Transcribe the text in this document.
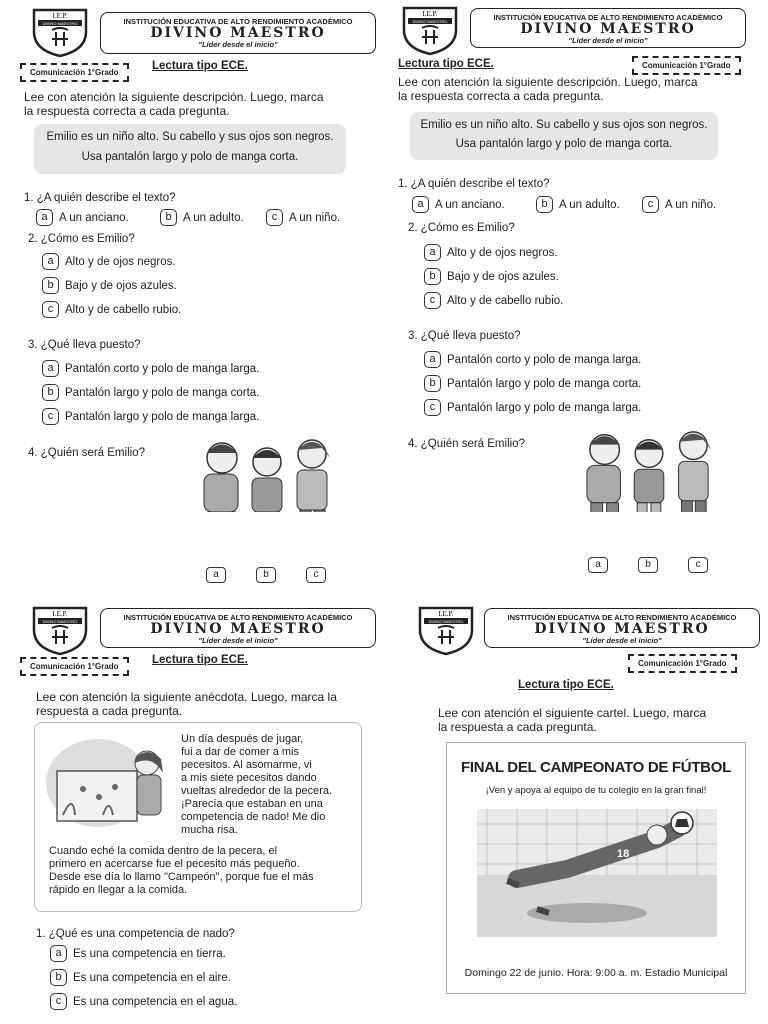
I.E.P.
DIVINO MAESTRO	INSTITUCIÓN EDUCATIVA DE ALTO RENDIMIENTO ACADÉMICO
DIVINO MAESTRO
"Líder desde el inicio"
Comunicación 1°Grado
Lectura tipo ECE.
Lee con atención la siguiente descripción. Luego, marca
la respuesta correcta a cada pregunta.
Emilio es un niño alto. Su cabello y sus ojos son negros.
Usa pantalón largo y polo de manga corta.
1. ¿A quién describe el texto?
a A un anciano.	b A un adulto.	c	A un niño.
2. ¿Cómo es Emilio?
a Alto y de ojos negros.
b Bajo y de ojos azules.
c	Alto y de cabello rubio.
3. ¿Qué lleva puesto?
a Pantalón corto y polo de manga larga.
b Pantalón largo y polo de manga corta.
c	Pantalón largo y polo de manga larga.
4. ¿Quién será Emilio?
a	b	c
I.E.P.
DIVINO MAESTRO	INSTITUCIÓN EDUCATIVA DE ALTO RENDIMIENTO ACADÉMICO
DIVINO MAESTRO
"Líder desde el inicio"
Comunicación 1°Grado
Lectura tipo ECE.
Lee con atención la siguiente descripción. Luego, marca
la respuesta correcta a cada pregunta.
Emilio es un niño alto. Su cabello y sus ojos son negros.
Usa pantalón largo y polo de manga corta.
1. ¿A quién describe el texto?
a A un anciano.	b A un adulto.	c	A un niño.
2. ¿Cómo es Emilio?
a Alto y de ojos negros.
b Bajo y de ojos azules.
c	Alto y de cabello rubio.
3. ¿Qué lleva puesto?
a Pantalón corto y polo de manga larga.
b Pantalón largo y polo de manga corta.
c	Pantalón largo y polo de manga larga.
4. ¿Quién será Emilio?
a	b	c
I.E.P.
DIVINO MAESTRO	INSTITUCIÓN EDUCATIVA DE ALTO RENDIMIENTO ACADÉMICO
DIVINO MAESTRO
"Líder desde el inicio"
Comunicación 1°Grado
Lectura tipo ECE.
Lee con atención la siguiente anécdota. Luego, marca la
respuesta a cada pregunta.
Un día después de jugar,
fui a dar de comer a mis
pecesitos. Al asomarme, vi
a mis siete pecesitos dando
vueltas alrededor de la pecera.
¡Parecía que estaban en una
competencia de nado! Me dio
mucha risa.
Cuando eché la comida dentro de la pecera, el
primero en acercarse fue el pecesito más pequeño.
Desde ese día lo llamo "Campeón", porque fue el más
rápido en llegar a la comida.
1. ¿Qué es una competencia de nado?
a Es una competencia en tierra.
b Es una competencia en el aire.
c	Es una competencia en el agua.
I.E.P.
DIVINO MAESTRO	INSTITUCIÓN EDUCATIVA DE ALTO RENDIMIENTO ACADÉMICO
DIVINO MAESTRO
"Líder desde el inicio"
Comunicación 1°Grado
Lectura tipo ECE.
Lee con atención el siguiente cartel. Luego, marca
la respuesta a cada pregunta.
FINAL DEL CAMPEONATO DE FÚTBOL
¡Ven y apoya al equipo de tu colegio en la gran final!
18
Domingo 22 de junio. Hora: 9:00 a. m. Estadio Municipal
